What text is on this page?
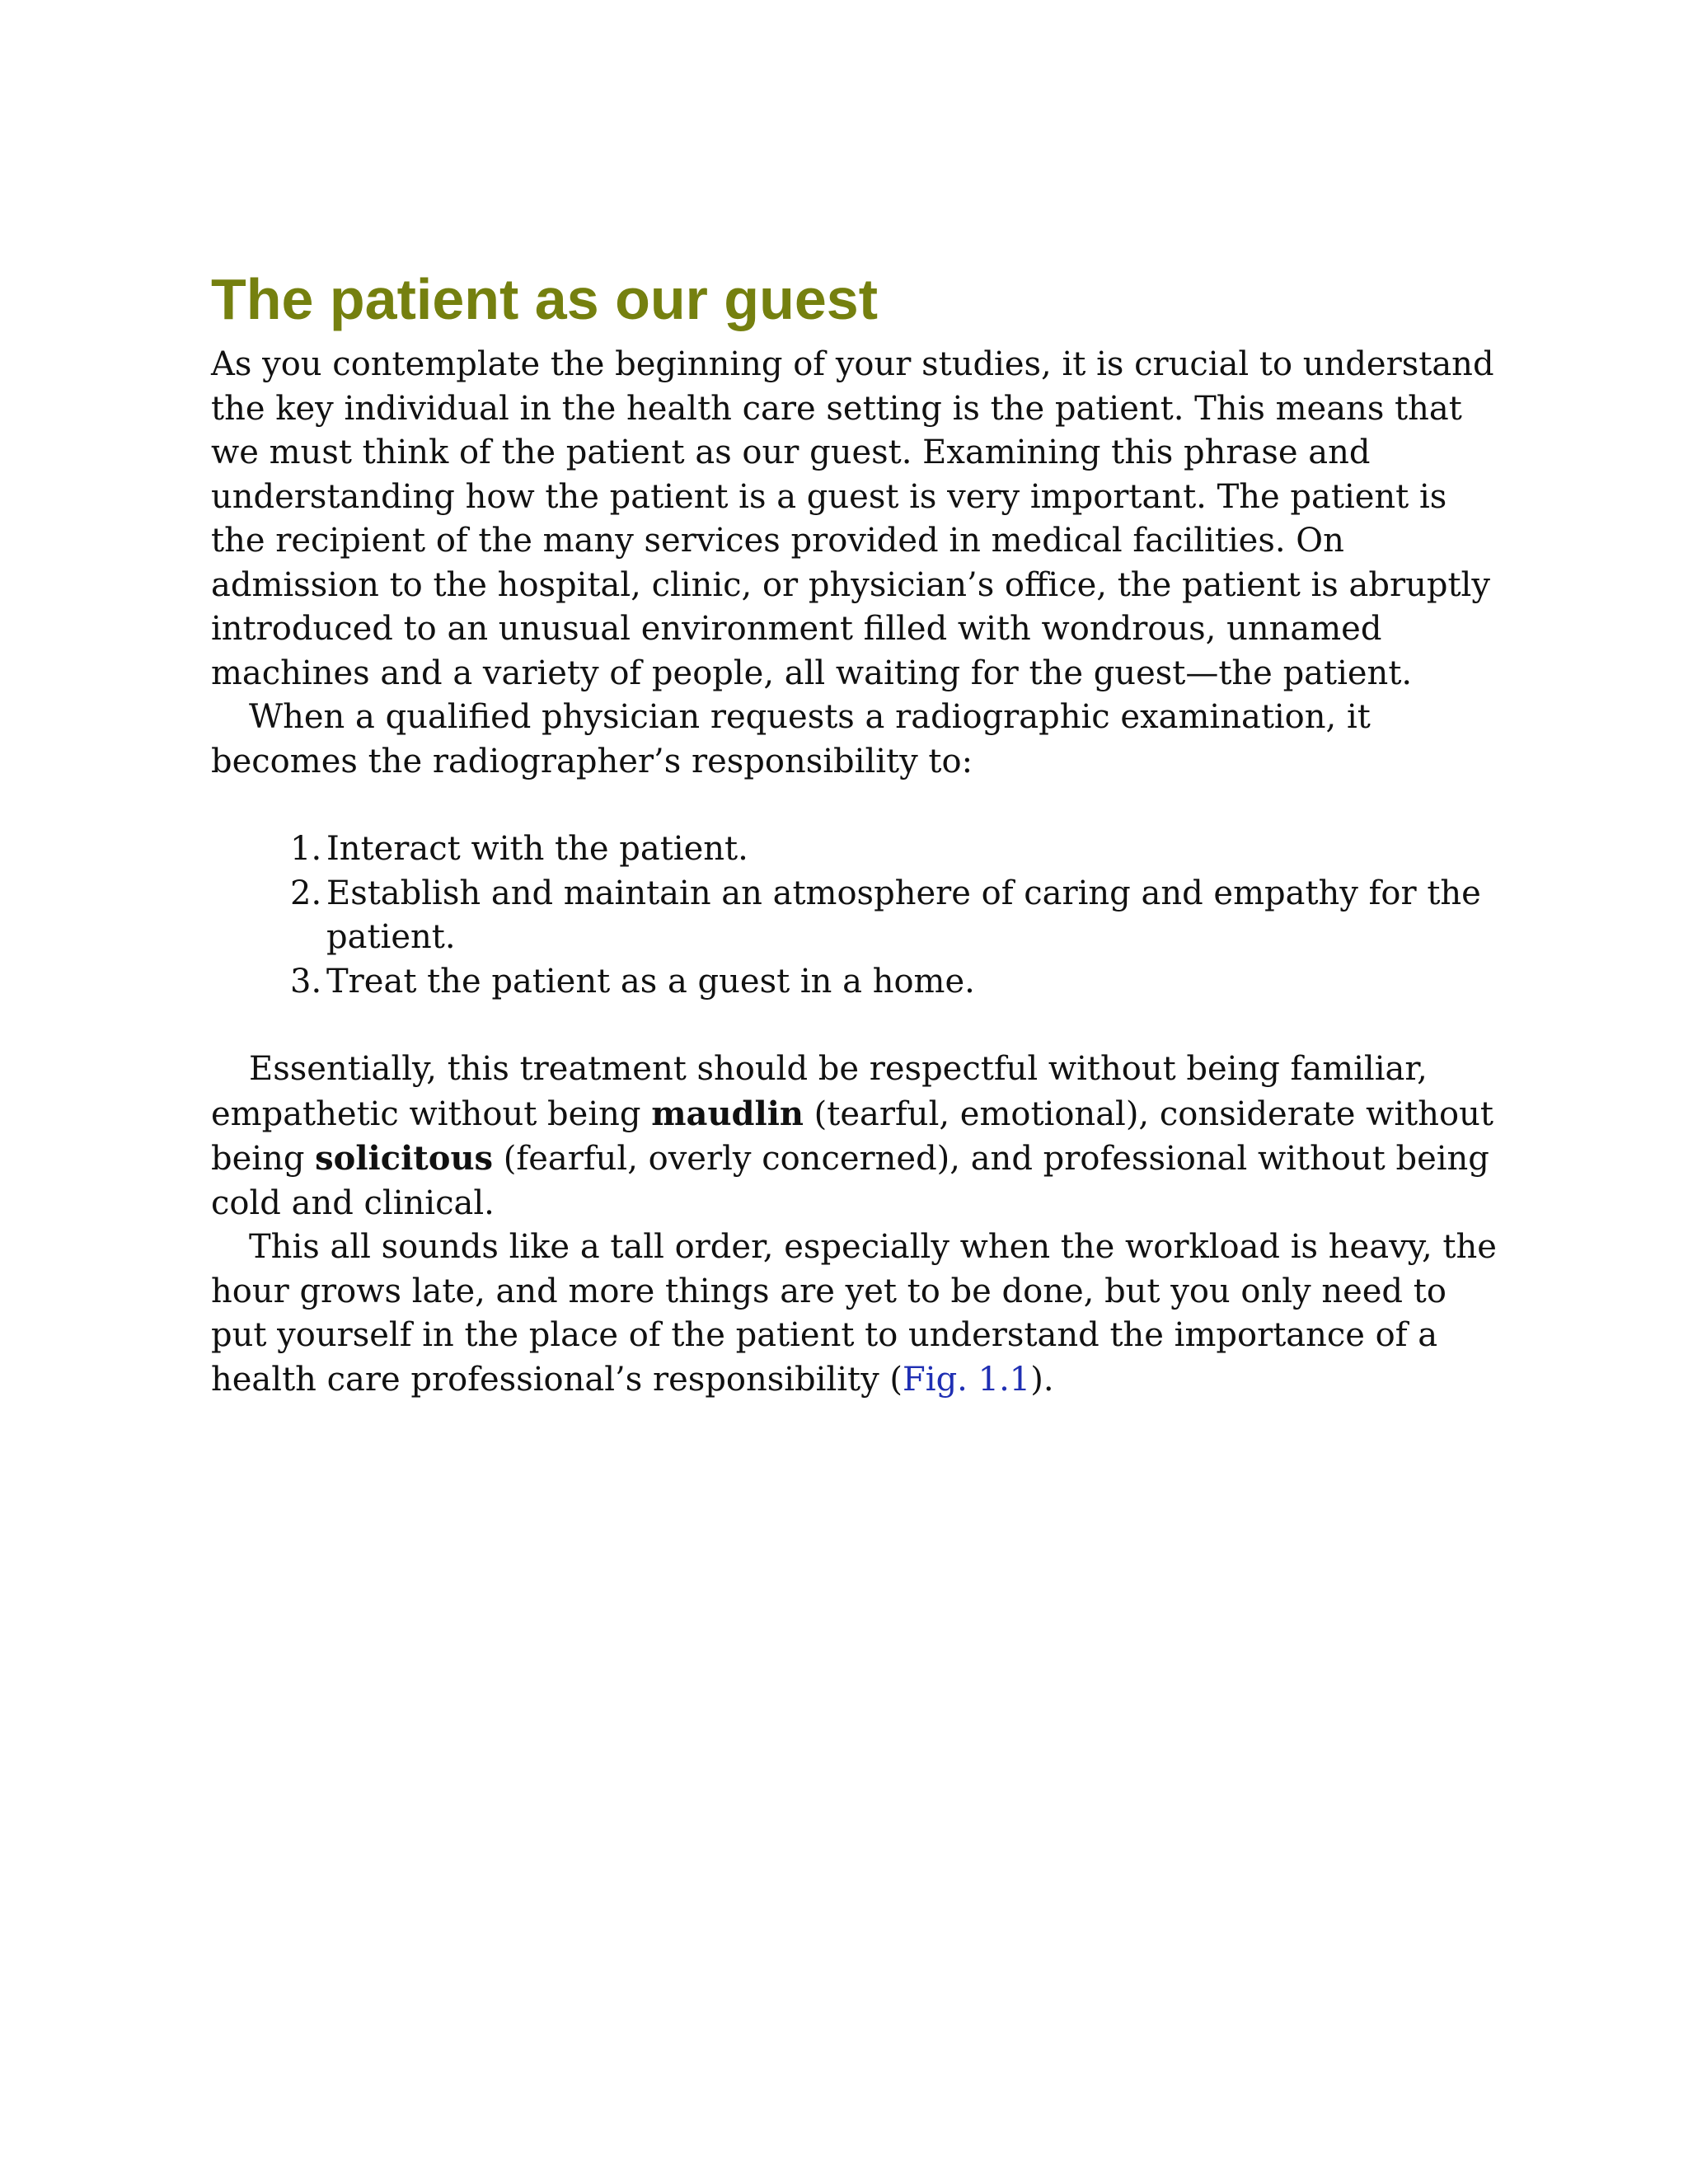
The patient as our guest

As you contemplate the beginning of your studies, it is crucial to understand the key individual in the health care setting is the patient. This means that we must think of the patient as our guest. Examining this phrase and understanding how the patient is a guest is very important. The patient is the recipient of the many services provided in medical facilities. On admission to the hospital, clinic, or physician’s office, the patient is abruptly introduced to an unusual environment filled with wondrous, unnamed machines and a variety of people, all waiting for the guest—the patient.

When a qualified physician requests a radiographic examination, it becomes the radiographer’s responsibility to:

1. Interact with the patient.
2. Establish and maintain an atmosphere of caring and empathy for the patient.
3. Treat the patient as a guest in a home.

Essentially, this treatment should be respectful without being familiar, empathetic without being maudlin (tearful, emotional), considerate without being solicitous (fearful, overly concerned), and professional without being cold and clinical.

This all sounds like a tall order, especially when the workload is heavy, the hour grows late, and more things are yet to be done, but you only need to put yourself in the place of the patient to understand the importance of a health care professional’s responsibility (Fig. 1.1).
